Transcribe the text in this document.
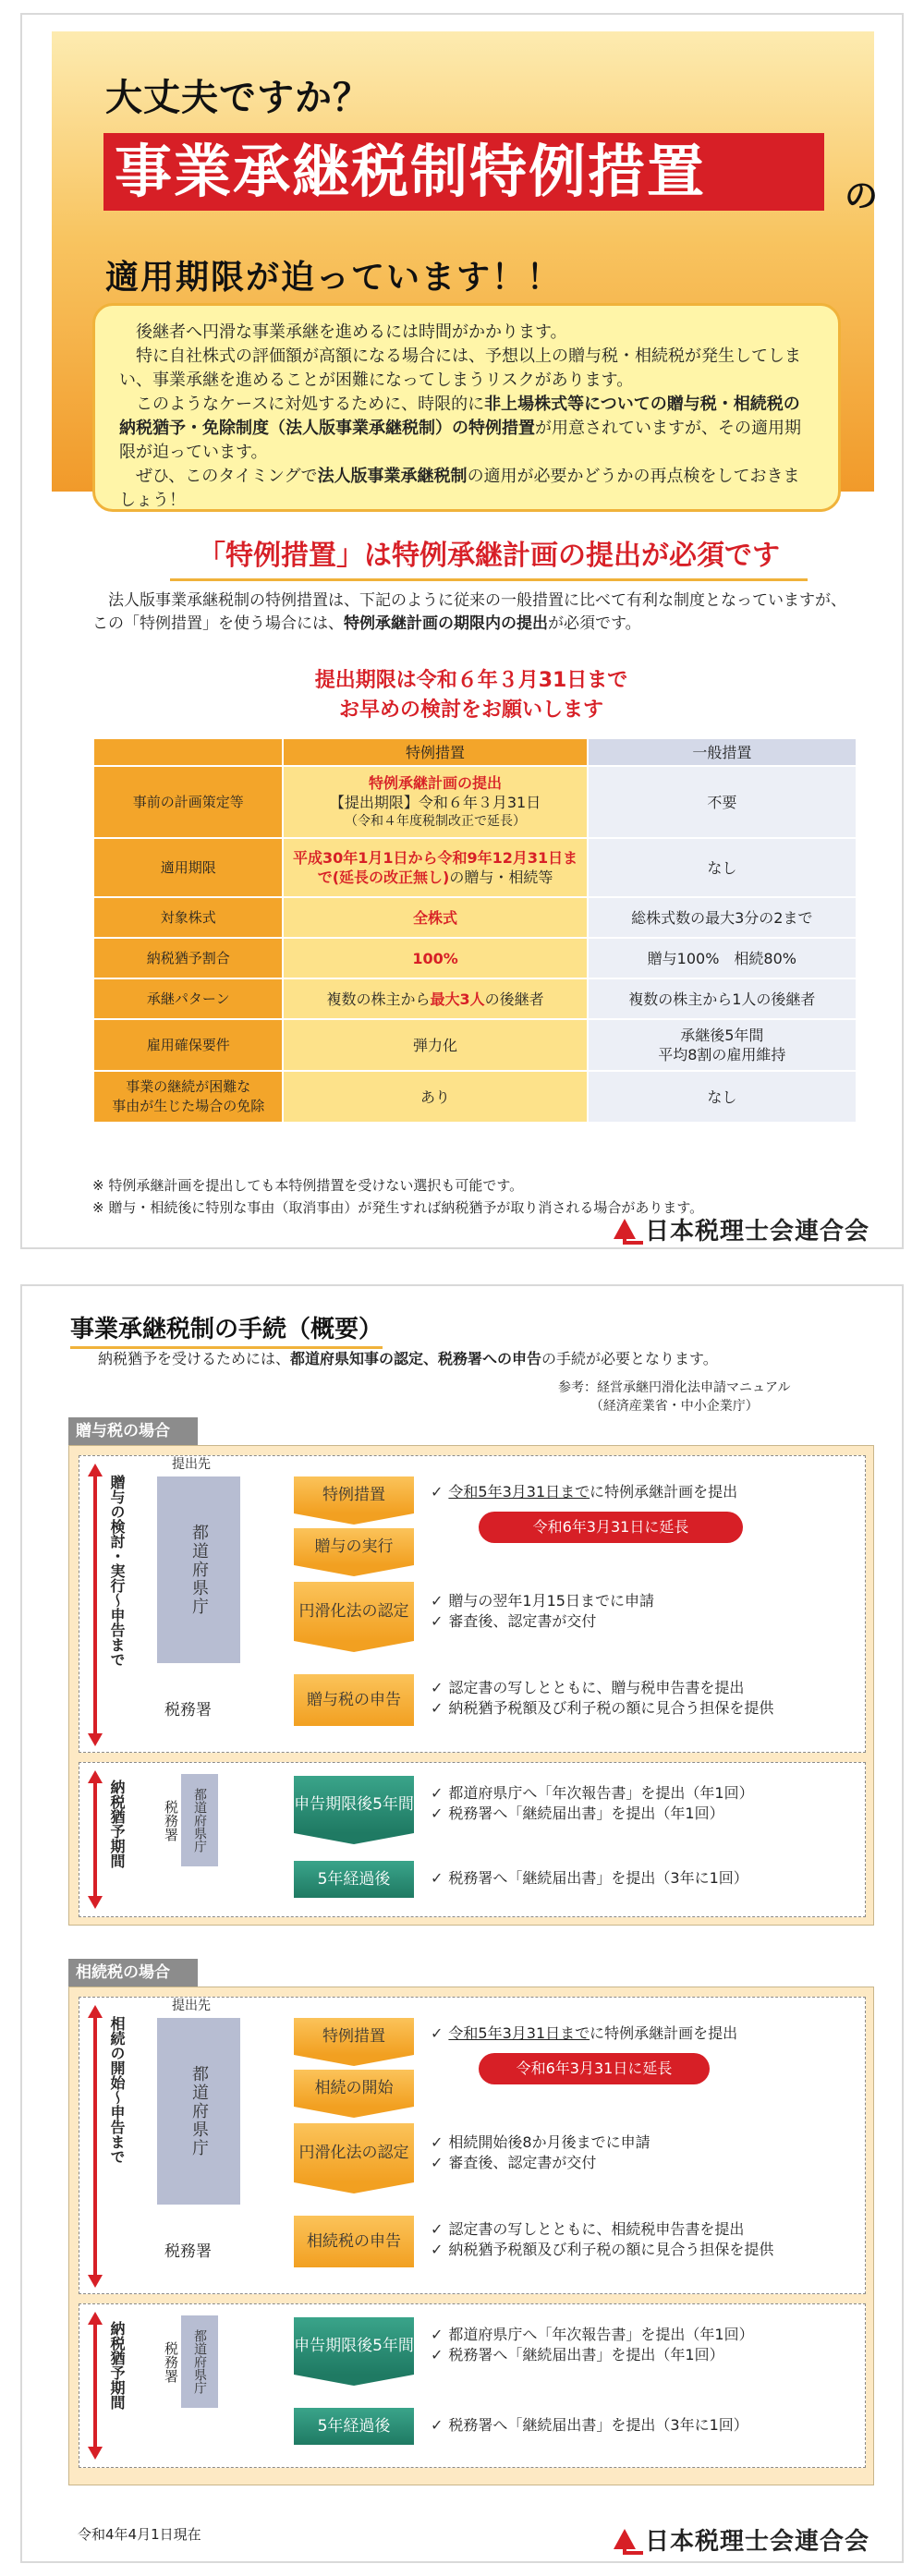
大丈夫ですか？
事業承継税制特例措置	の
適用期限が迫っています！！

　後継者へ円滑な事業承継を進めるには時間がかかります。

　特に自社株式の評価額が高額になる場合には、予想以上の贈与税・相続税が発生してしまい、事業承継を進めることが困難になってしまうリスクがあります。

　このようなケースに対処するために、時限的に非上場株式等についての贈与税・相続税の納税猶予・免除制度（法人版事業承継税制）の特例措置が用意されていますが、その適用期限が迫っています。

　ぜひ、このタイミングで法人版事業承継税制の適用が必要かどうかの再点検をしておきましょう！

「特例措置」は特例承継計画の提出が必須です
　法人版事業承継税制の特例措置は、下記のように従来の一般措置に比べて有利な制度となっていますが、この「特例措置」を使う場合には、特例承継計画の期限内の提出が必須です。
提出期限は令和６年３月31日まで
お早めの検討をお願いします
	特例措置	一般措置
事前の計画策定等	特例承継計画の提出
【提出期限】令和６年３月31日
（令和４年度税制改正で延長）	不要
適用期限	平成30年1月1日から令和9年12月31日まで(延長の改正無し)の贈与・相続等	なし
対象株式	全株式	総株式数の最大3分の2まで
納税猶予割合	100%	贈与100%　相続80%
承継パターン	複数の株主から最大3人の後継者	複数の株主から1人の後継者
雇用確保要件	弾力化	承継後5年間
平均8割の雇用維持

事業の継続が困難な
事由が生じた場合の免除	あり	なし
※ 特例承継計画を提出しても本特例措置を受けない選択も可能です。
※ 贈与・相続後に特別な事由（取消事由）が発生すれば納税猶予が取り消される場合があります。
日本税理士会連合会
事業承継税制の手続（概要）
納税猶予を受けるためには、都道府県知事の認定、税務署への申告の手続が必要となります。
参考：経営承継円滑化法申請マニュアル
（経済産業省・中小企業庁）
贈与税の場合
贈与の検討・実行～申告まで
提出先
都道府県庁
税務署
特例措置
贈与の実行
円滑化法の認定
贈与税の申告
✓ 令和5年3月31日までに特例承継計画を提出
令和6年3月31日に延長
✓ 贈与の翌年1月15日までに申請
✓ 審査後、認定書が交付
✓ 認定書の写しとともに、贈与税申告書を提出
✓ 納税猶予税額及び利子税の額に見合う担保を提供
納税猶予期間	税務署	都道府県庁	申告期限後5年間
5年経過後
✓ 都道府県庁へ「年次報告書」を提出（年1回）
✓ 税務署へ「継続届出書」を提出（年1回）
✓ 税務署へ「継続届出書」を提出（3年に1回）
相続税の場合
相続の開始～申告まで
提出先
都道府県庁
税務署
特例措置
相続の開始
円滑化法の認定
相続税の申告
✓ 令和5年3月31日までに特例承継計画を提出
令和6年3月31日に延長
✓ 相続開始後8か月後までに申請
✓ 審査後、認定書が交付
✓ 認定書の写しとともに、相続税申告書を提出
✓ 納税猶予税額及び利子税の額に見合う担保を提供
納税猶予期間	税務署	都道府県庁	申告期限後5年間
5年経過後
✓ 都道府県庁へ「年次報告書」を提出（年1回）
✓ 税務署へ「継続届出書」を提出（年1回）
✓ 税務署へ「継続届出書」を提出（3年に1回）
令和4年4月1日現在	日本税理士会連合会
